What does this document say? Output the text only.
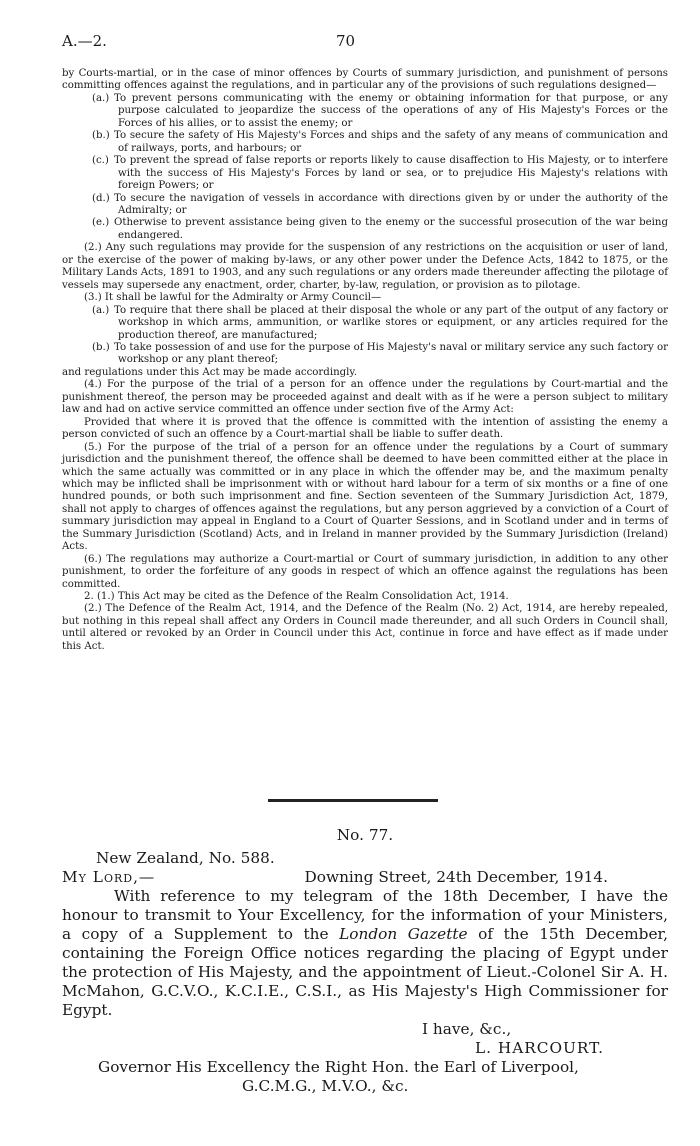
A.—2.	70

by Courts-martial, or in the case of minor offences by Courts of summary jurisdiction, and punishment of persons committing offences against the regulations, and in particular any of the provisions of such regulations designed—

(a.) To prevent persons communicating with the enemy or obtaining information for that purpose, or any purpose calculated to jeopardize the success of the operations of any of His Majesty's Forces or the Forces of his allies, or to assist the enemy; or

(b.) To secure the safety of His Majesty's Forces and ships and the safety of any means of communication and of railways, ports, and harbours; or

(c.) To prevent the spread of false reports or reports likely to cause disaffection to His Majesty, or to interfere with the success of His Majesty's Forces by land or sea, or to prejudice His Majesty's relations with foreign Powers; or

(d.) To secure the navigation of vessels in accordance with directions given by or under the authority of the Admiralty; or

(e.) Otherwise to prevent assistance being given to the enemy or the successful prosecution of the war being endangered.

(2.) Any such regulations may provide for the suspension of any restrictions on the acquisition or user of land, or the exercise of the power of making by-laws, or any other power under the Defence Acts, 1842 to 1875, or the Military Lands Acts, 1891 to 1903, and any such regulations or any orders made thereunder affecting the pilotage of vessels may supersede any enactment, order, charter, by-law, regulation, or provision as to pilotage.

(3.) It shall be lawful for the Admiralty or Army Council—

(a.) To require that there shall be placed at their disposal the whole or any part of the output of any factory or workshop in which arms, ammunition, or warlike stores or equipment, or any articles required for the production thereof, are manufactured;

(b.) To take possession of and use for the purpose of His Majesty's naval or military service any such factory or workshop or any plant thereof;

and regulations under this Act may be made accordingly.

(4.) For the purpose of the trial of a person for an offence under the regulations by Court-martial and the punishment thereof, the person may be proceeded against and dealt with as if he were a person subject to military law and had on active service committed an offence under section five of the Army Act:

Provided that where it is proved that the offence is committed with the intention of assisting the enemy a person convicted of such an offence by a Court-martial shall be liable to suffer death.

(5.) For the purpose of the trial of a person for an offence under the regulations by a Court of summary jurisdiction and the punishment thereof, the offence shall be deemed to have been committed either at the place in which the same actually was committed or in any place in which the offender may be, and the maximum penalty which may be inflicted shall be imprisonment with or without hard labour for a term of six months or a fine of one hundred pounds, or both such imprisonment and fine. Section seventeen of the Summary Jurisdiction Act, 1879, shall not apply to charges of offences against the regulations, but any person aggrieved by a conviction of a Court of summary jurisdiction may appeal in England to a Court of Quarter Sessions, and in Scotland under and in terms of the Summary Jurisdiction (Scotland) Acts, and in Ireland in manner provided by the Summary Jurisdiction (Ireland) Acts.

(6.) The regulations may authorize a Court-martial or Court of summary jurisdiction, in addition to any other punishment, to order the forfeiture of any goods in respect of which an offence against the regulations has been committed.

2. (1.) This Act may be cited as the Defence of the Realm Consolidation Act, 1914.

(2.) The Defence of the Realm Act, 1914, and the Defence of the Realm (No. 2) Act, 1914, are hereby repealed, but nothing in this repeal shall affect any Orders in Council made thereunder, and all such Orders in Council shall, until altered or revoked by an Order in Council under this Act, continue in force and have effect as if made under this Act.

No. 77.

New Zealand, No. 588.
My Lord,—	Downing Street, 24th December, 1914.

With reference to my telegram of the 18th December, I have the honour to transmit to Your Excellency, for the information of your Ministers, a copy of a Supplement to the London Gazette of the 15th December, containing the Foreign Office notices regarding the placing of Egypt under the protection of His Majesty, and the appointment of Lieut.-Colonel Sir A. H. McMahon, G.C.V.O., K.C.I.E., C.S.I., as His Majesty's High Commissioner for Egypt.

I have, &c.,
L. HARCOURT.

Governor His Excellency the Right Hon. the Earl of Liverpool,

G.C.M.G., M.V.O., &c.
